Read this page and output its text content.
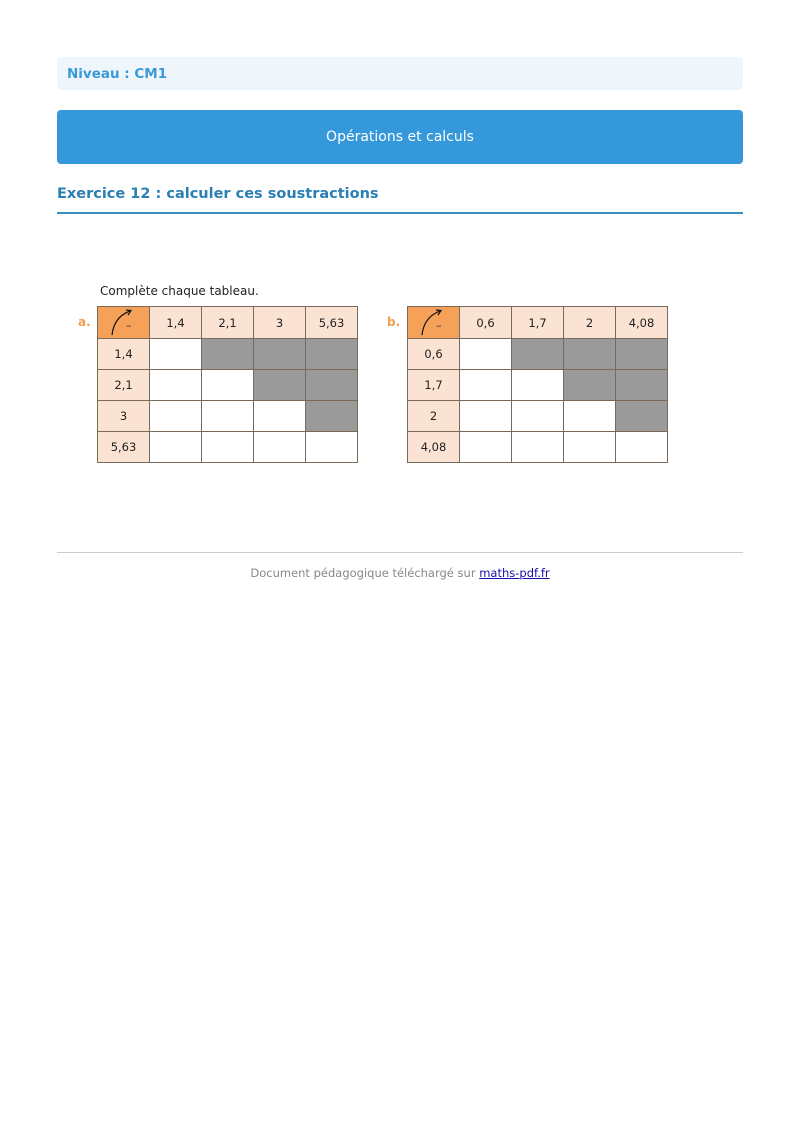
Niveau : CM1
Opérations et calculs
Exercice 12 : calculer ces soustractions
Complète chaque tableau.
a.	–	1,4	2,1	3	5,63
1,4				
2,1				
3				
5,63				
b.	–	0,6	1,7	2	4,08
0,6				
1,7				
2				
4,08				
Document pédagogique téléchargé sur maths-pdf.fr
